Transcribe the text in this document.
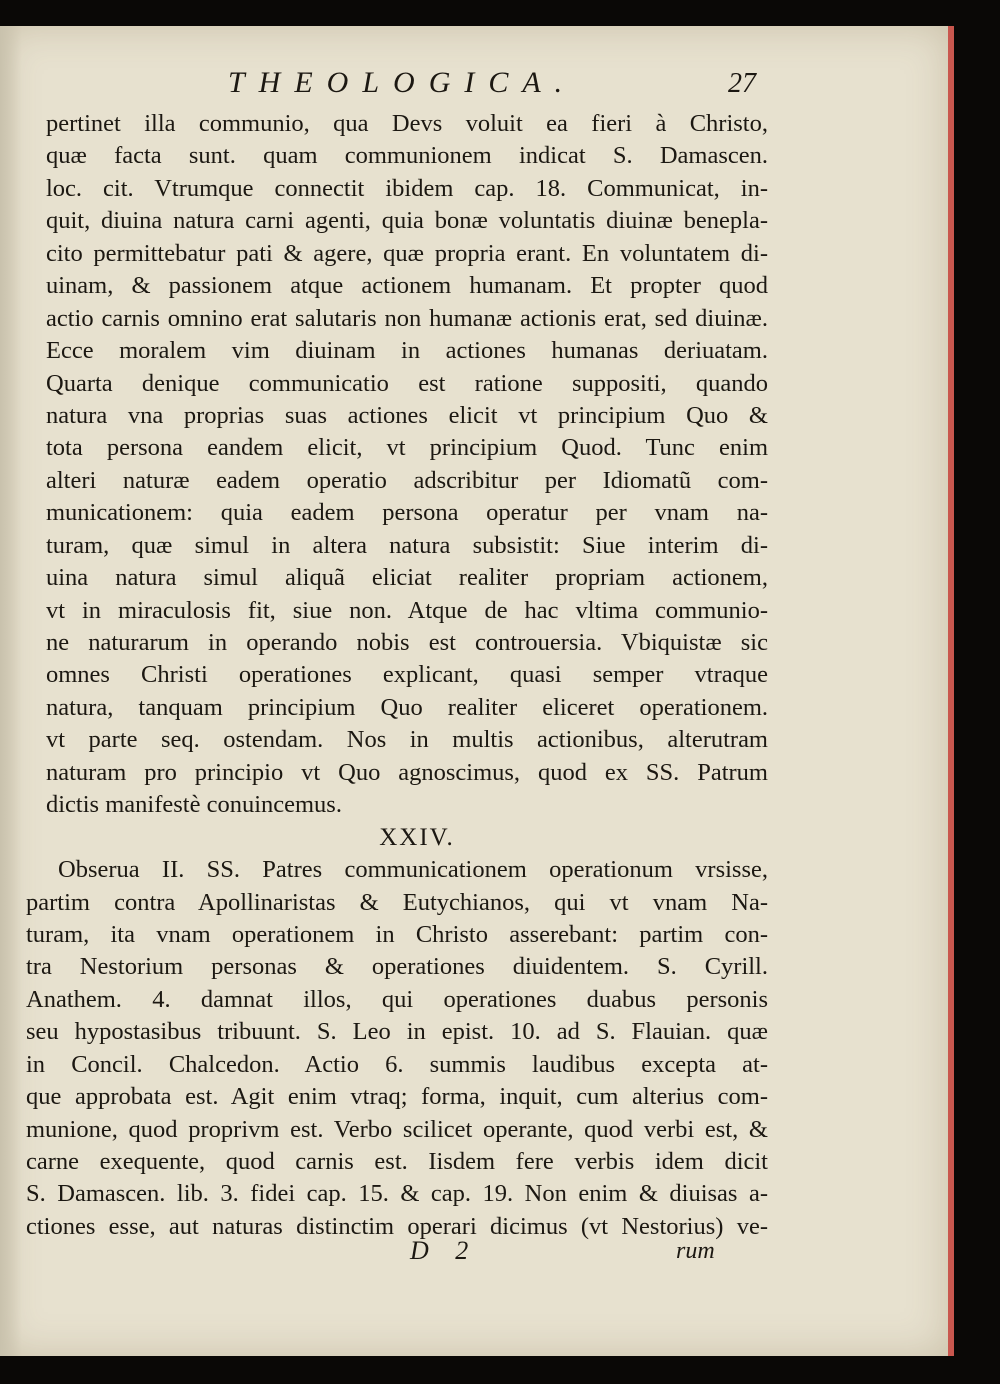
THEOLOGICA.	27
pertinet illa communio, qua Devs voluit ea fieri à Christo,
quæ facta sunt. quam communionem indicat S. Damascen.
loc. cit. Vtrumque connectit ibidem cap. 18. Communicat, in-
quit, diuina natura carni agenti, quia bonæ voluntatis diuinæ benepla-
cito permittebatur pati & agere, quæ propria erant. En voluntatem di-
uinam, & passionem atque actionem humanam. Et propter quod
actio carnis omnino erat salutaris non humanæ actionis erat, sed diuinæ.
Ecce moralem vim diuinam in actiones humanas deriuatam.
Quarta denique communicatio est ratione suppositi, quando
natura vna proprias suas actiones elicit vt principium Quo &
tota persona eandem elicit, vt principium Quod. Tunc enim
alteri naturæ eadem operatio adscribitur per Idiomatũ com-
municationem: quia eadem persona operatur per vnam na-
turam, quæ simul in altera natura subsistit: Siue interim di-
uina natura simul aliquã eliciat realiter propriam actionem,
vt in miraculosis fit, siue non. Atque de hac vltima communio-
ne naturarum in operando nobis est controuersia. Vbiquistæ sic
omnes Christi operationes explicant, quasi semper vtraque
natura, tanquam principium Quo realiter eliceret operationem.
vt parte seq. ostendam. Nos in multis actionibus, alterutram
naturam pro principio vt Quo agnoscimus, quod ex SS. Patrum
dictis manifestè conuincemus.
XXIV.
Obserua II. SS. Patres communicationem operationum vrsisse,
partim contra Apollinaristas & Eutychianos, qui vt vnam Na-
turam, ita vnam operationem in Christo asserebant: partim con-
tra Nestorium personas & operationes diuidentem. S. Cyrill.
Anathem. 4. damnat illos, qui operationes duabus personis
seu hypostasibus tribuunt. S. Leo in epist. 10. ad S. Flauian. quæ
in Concil. Chalcedon. Actio 6. summis laudibus excepta at-
que approbata est. Agit enim vtraq; forma, inquit, cum alterius com-
munione, quod proprivm est. Verbo scilicet operante, quod verbi est, &
carne exequente, quod carnis est. Iisdem fere verbis idem dicit
S. Damascen. lib. 3. fidei cap. 15. & cap. 19. Non enim & diuisas a-
ctiones esse, aut naturas distinctim operari dicimus (vt Nestorius) ve-
D 2	rum
